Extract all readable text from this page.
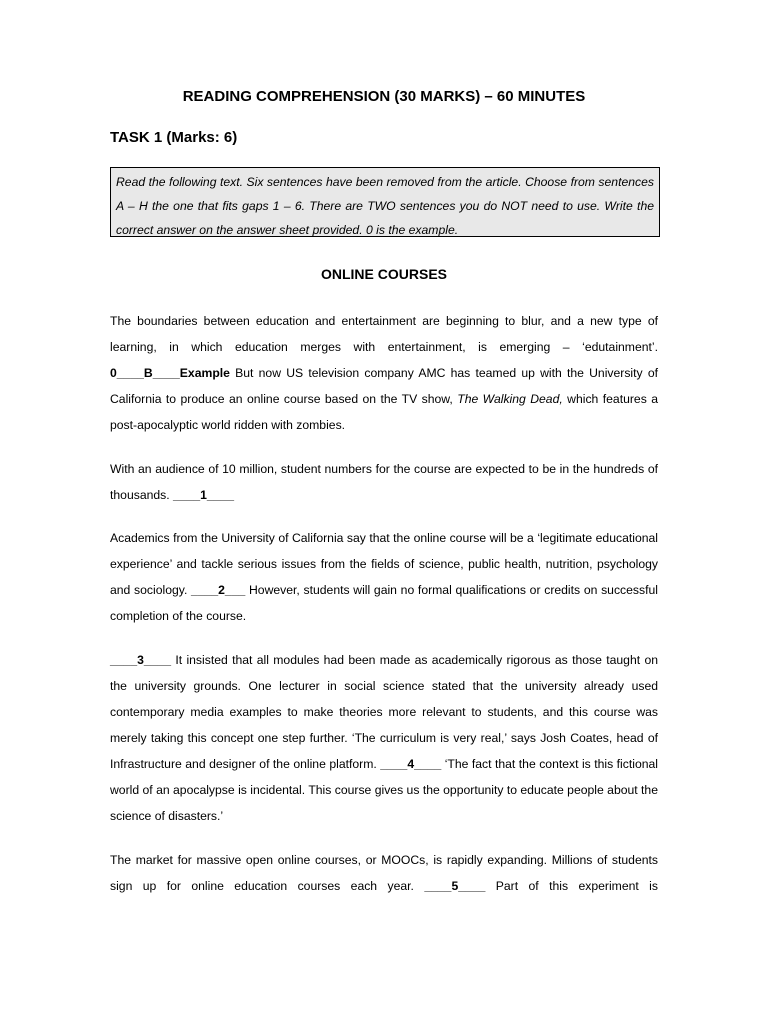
READING COMPREHENSION (30 MARKS) – 60 MINUTES
TASK 1 (Marks: 6)
Read the following text. Six sentences have been removed from the article. Choose from sentences A – H the one that fits gaps 1 – 6. There are TWO sentences you do NOT need to use. Write the correct answer on the answer sheet provided. 0 is the example.
ONLINE COURSES
The boundaries between education and entertainment are beginning to blur, and a new type of learning, in which education merges with entertainment, is emerging – ‘edutainment’. 0____B____Example But now US television company AMC has teamed up with the University of California to produce an online course based on the TV show, The Walking Dead, which features a post-apocalyptic world ridden with zombies.
With an audience of 10 million, student numbers for the course are expected to be in the hundreds of thousands. ____1____
Academics from the University of California say that the online course will be a ‘legitimate educational experience’ and tackle serious issues from the fields of science, public health, nutrition, psychology and sociology. ____2___ However, students will gain no formal qualifications or credits on successful completion of the course.
____3____ It insisted that all modules had been made as academically rigorous as those taught on the university grounds. One lecturer in social science stated that the university already used contemporary media examples to make theories more relevant to students, and this course was merely taking this concept one step further. ‘The curriculum is very real,’ says Josh Coates, head of Infrastructure and designer of the online platform. ____4____ ‘The fact that the context is this fictional world of an apocalypse is incidental. This course gives us the opportunity to educate people about the science of disasters.’
The market for massive open online courses, or MOOCs, is rapidly expanding. Millions of students sign up for online education courses each year. ____5____ Part of this experiment is
